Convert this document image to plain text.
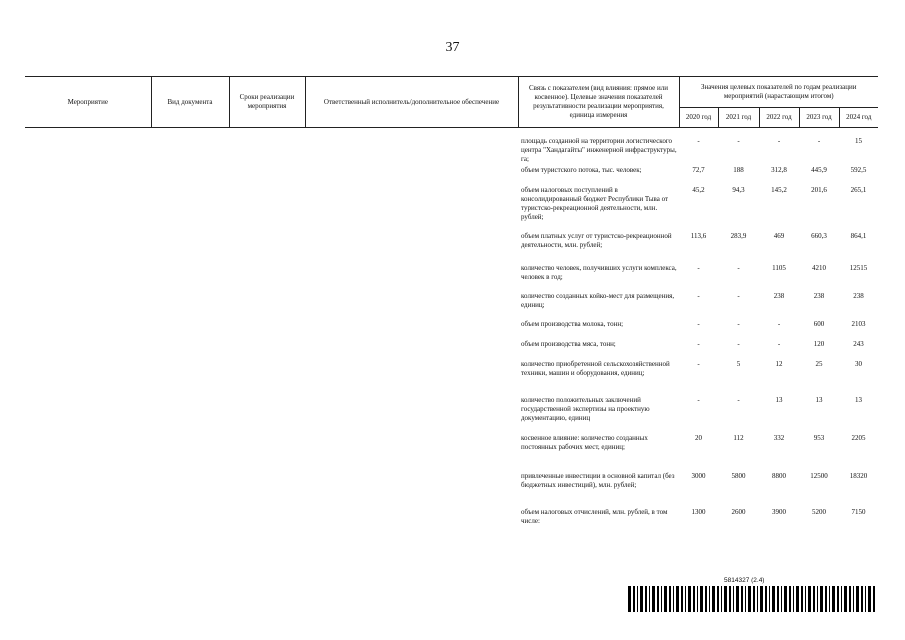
37
Мероприятие	Вид документа	Сроки реализации мероприятия	Ответственный исполнитель/дополнительное обеспечение	Связь с показателем (вид влияния: прямое или косвенное). Целевые значения показателей результативности реализации мероприятия, единица измерения	Значения целевых показателей по годам реализации мероприятий (нарастающим итогом)				
					2020 год	2021 год	2022 год	2023 год	2024 год
				площадь созданной на территории логистического центра "Хандагайты" инженерной инфраструктуры, га;	-	-	-	-	15
				объем туристского потока, тыс. человек;	72,7	188	312,8	445,9	592,5
				объем налоговых поступлений в консолидированный бюджет Республики Тыва от туристско-рекреационной деятельности, млн. рублей;	45,2	94,3	145,2	201,6	265,1
				объем платных услуг от туристско-рекреационной деятельности, млн. рублей;	113,6	283,9	469	660,3	864,1
				количество человек, получивших услуги комплекса, человек в год;	-	-	1105	4210	12515
				количество созданных койко-мест для размещения, единиц;	-	-	238	238	238
				объем производства молока, тонн;	-	-	-	600	2103
				объем производства мяса, тонн;	-	-	-	120	243
				количество приобретенной сельскохозяйственной техники, машин и оборудования, единиц;	-	5	12	25	30
				количество положительных заключений государственной экспертизы на проектную документацию, единиц	-	-	13	13	13
				косвенное влияние: количество созданных постоянных рабочих мест, единиц;	20	112	332	953	2205
				привлеченные инвестиции в основной капитал (без бюджетных инвестиций), млн. рублей;	3000	5800	8800	12500	18320
				объем налоговых отчислений, млн. рублей, в том числе:	1300	2600	3900	5200	7150
5814327 (2.4)
